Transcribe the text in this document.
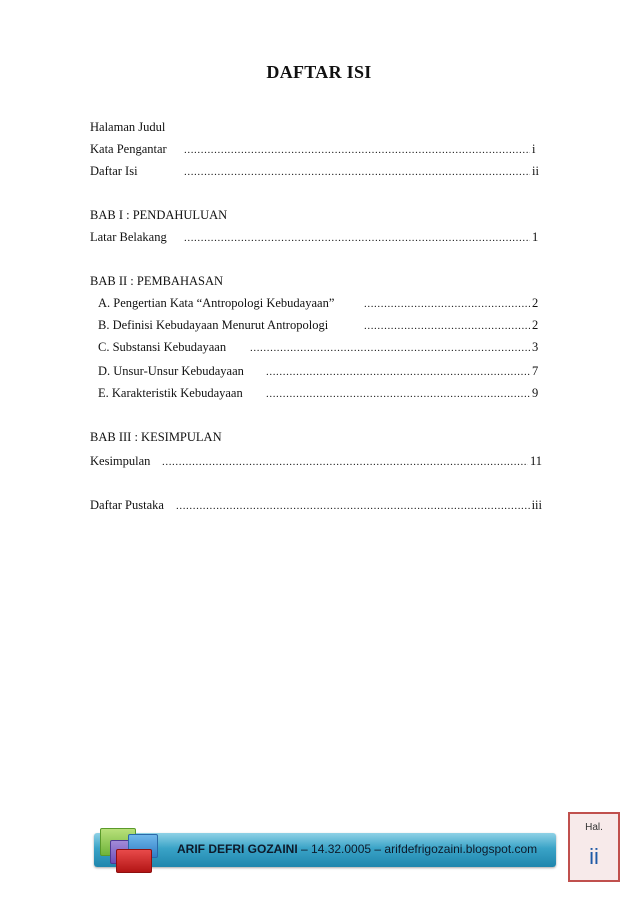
DAFTAR ISI
Halaman Judul
Kata Pengantar .....	i
Daftar Isi .....	ii
BAB I : PENDAHULUAN
Latar Belakang .....	1
BAB II : PEMBAHASAN
A. Pengertian Kata “Antropologi Kebudayaan” .....	2
B. Definisi Kebudayaan Menurut Antropologi .....	2
C. Substansi Kebudayaan .....	3
D. Unsur-Unsur Kebudayaan .....	7
E. Karakteristik Kebudayaan .....	9
BAB III : KESIMPULAN
Kesimpulan .....	11
Daftar Pustaka .....	iii
ARIF DEFRI GOZAINI – 14.32.0005 – arifdefrigozaini.blogspot.com
Hal.
ii
